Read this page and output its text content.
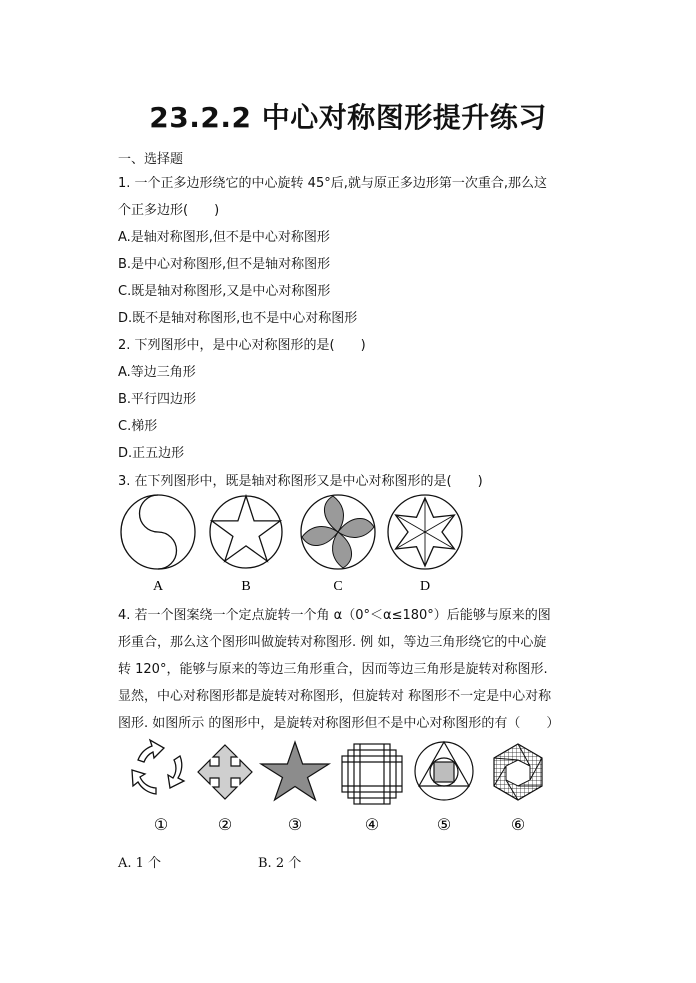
23.2.2 中心对称图形提升练习
一、选择题
1. 一个正多边形绕它的中心旋转 45°后,就与原正多边形第一次重合,那么这
个正多边形(　　)
A.是轴对称图形,但不是中心对称图形
B.是中心对称图形,但不是轴对称图形
C.既是轴对称图形,又是中心对称图形
D.既不是轴对称图形,也不是中心对称图形
2. 下列图形中，是中心对称图形的是(　　)
A.等边三角形
B.平行四边形
C.梯形
D.正五边形
3. 在下列图形中，既是轴对称图形又是中心对称图形的是(　　)
A	B	C	D
①	②	③	④	⑤	⑥
4. 若一个图案绕一个定点旋转一个角 α（0°＜α≤180°）后能够与原来的图
形重合，那么这个图形叫做旋转对称图形. 例 如，等边三角形绕它的中心旋
转 120°，能够与原来的等边三角形重合，因而等边三角形是旋转对称图形.
显然，中心对称图形都是旋转对称图形，但旋转对 称图形不一定是中心对称
图形. 如图所示 的图形中，是旋转对称图形但不是中心对称图形的有（　　）
A. 1 个	B. 2 个
